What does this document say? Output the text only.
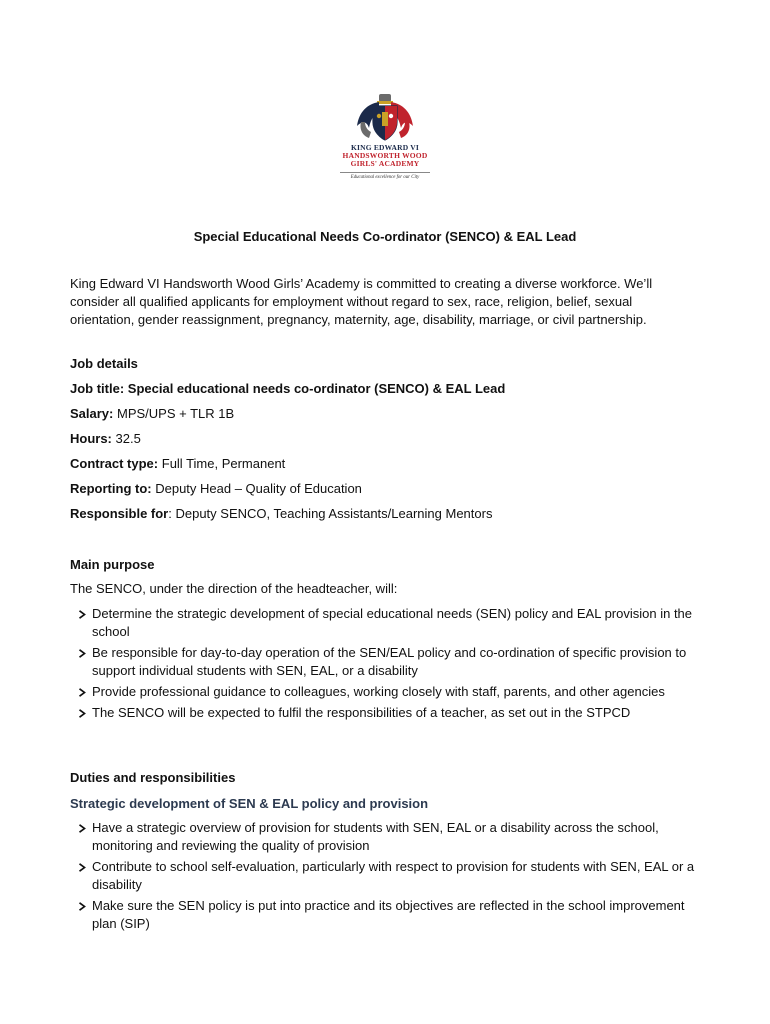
KING EDWARD VI
HANDSWORTH WOOD
GIRLS' ACADEMY
Educational excellence for our City
Special Educational Needs Co-ordinator (SENCO) & EAL Lead
King Edward VI Handsworth Wood Girls’ Academy is committed to creating a diverse workforce. We’ll consider all qualified applicants for employment without regard to sex, race, religion, belief, sexual orientation, gender reassignment, pregnancy, maternity, age, disability, marriage, or civil partnership.
Job details
Job title: Special educational needs co-ordinator (SENCO) & EAL Lead
Salary: MPS/UPS + TLR 1B
Hours: 32.5
Contract type: Full Time, Permanent
Reporting to: Deputy Head – Quality of Education
Responsible for: Deputy SENCO, Teaching Assistants/Learning Mentors
Main purpose
The SENCO, under the direction of the headteacher, will:
Determine the strategic development of special educational needs (SEN) policy and EAL provision in the school
Be responsible for day-to-day operation of the SEN/EAL policy and co-ordination of specific provision to support individual students with SEN, EAL, or a disability
Provide professional guidance to colleagues, working closely with staff, parents, and other agencies
The SENCO will be expected to fulfil the responsibilities of a teacher, as set out in the STPCD
Duties and responsibilities
Strategic development of SEN & EAL policy and provision
Have a strategic overview of provision for students with SEN, EAL or a disability across the school, monitoring and reviewing the quality of provision
Contribute to school self-evaluation, particularly with respect to provision for students with SEN, EAL or a disability
Make sure the SEN policy is put into practice and its objectives are reflected in the school improvement plan (SIP)
